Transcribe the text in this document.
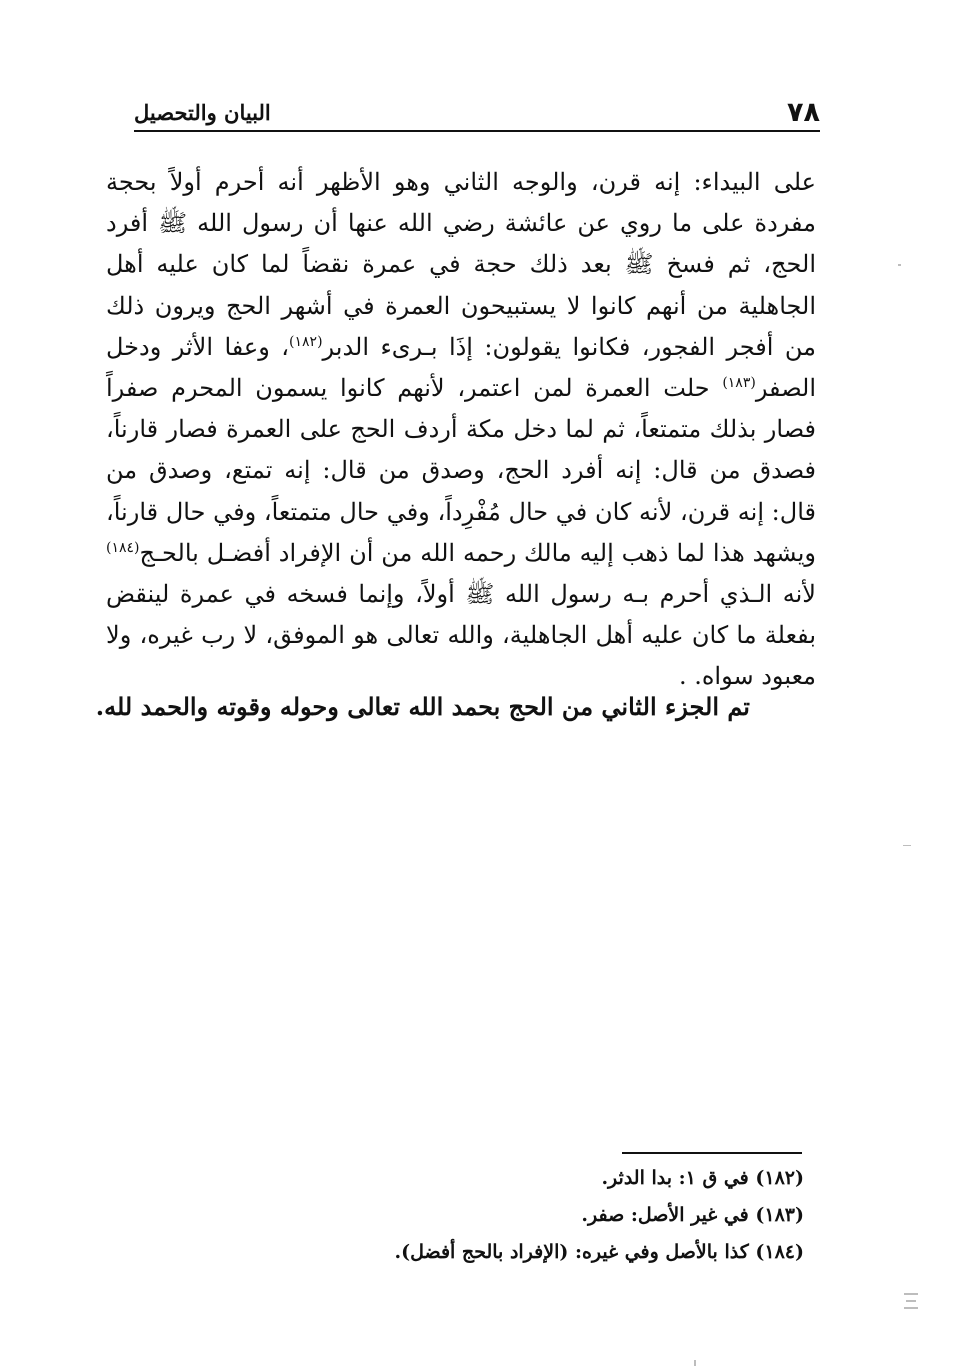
٧٨
البيان والتحصيل

على البيداء: إنه قرن، والوجه الثاني وهو الأظهر أنه أحرم أولاً بحجة مفردة على ما روي عن عائشة رضي الله عنها أن رسول الله ﷺ أفرد الحج، ثم فسخ ﷺ بعد ذلك حجة في عمرة نقضاً لما كان عليه أهل الجاهلية من أنهم كانوا لا يستبيحون العمرة في أشهر الحج ويرون ذلك من أفجر الفجور، فكانوا يقولون: إذَا بـرىء الدبر$^{(١٨٢)}$، وعفا الأثر ودخل الصفر$^{(١٨٣)}$ حلت العمرة لمن اعتمر، لأنهم كانوا يسمون المحرم صفراً فصار بذلك متمتعاً، ثم لما دخل مكة أردف الحج على العمرة فصار قارناً، فصدق من قال: إنه أفرد الحج، وصدق من قال: إنه تمتع، وصدق من قال: إنه قرن، لأنه كان في حال مُفْرِداً، وفي حال متمتعاً، وفي حال قارناً، ويشهد هذا لما ذهب إليه مالك رحمه الله من أن الإفراد أفضـل بالحـج$^{(١٨٤)}$ لأنه الـذي أحرم بـه رسول الله ﷺ أولاً، وإنما فسخه في عمرة لينقض بفعلة ما كان عليه أهل الجاهلية، والله تعالى هو الموفق، لا رب غيره، ولا معبود سواه. .

تم الجزء الثاني من الحج بحمد الله تعالى وحوله وقوته والحمد لله.

(١٨٢) في ق ١: بدا الدثر.
(١٨٣) في غير الأصل: صفر.
(١٨٤) كذا بالأصل وفي غيره: (الإفراد بالحج أفضل).
